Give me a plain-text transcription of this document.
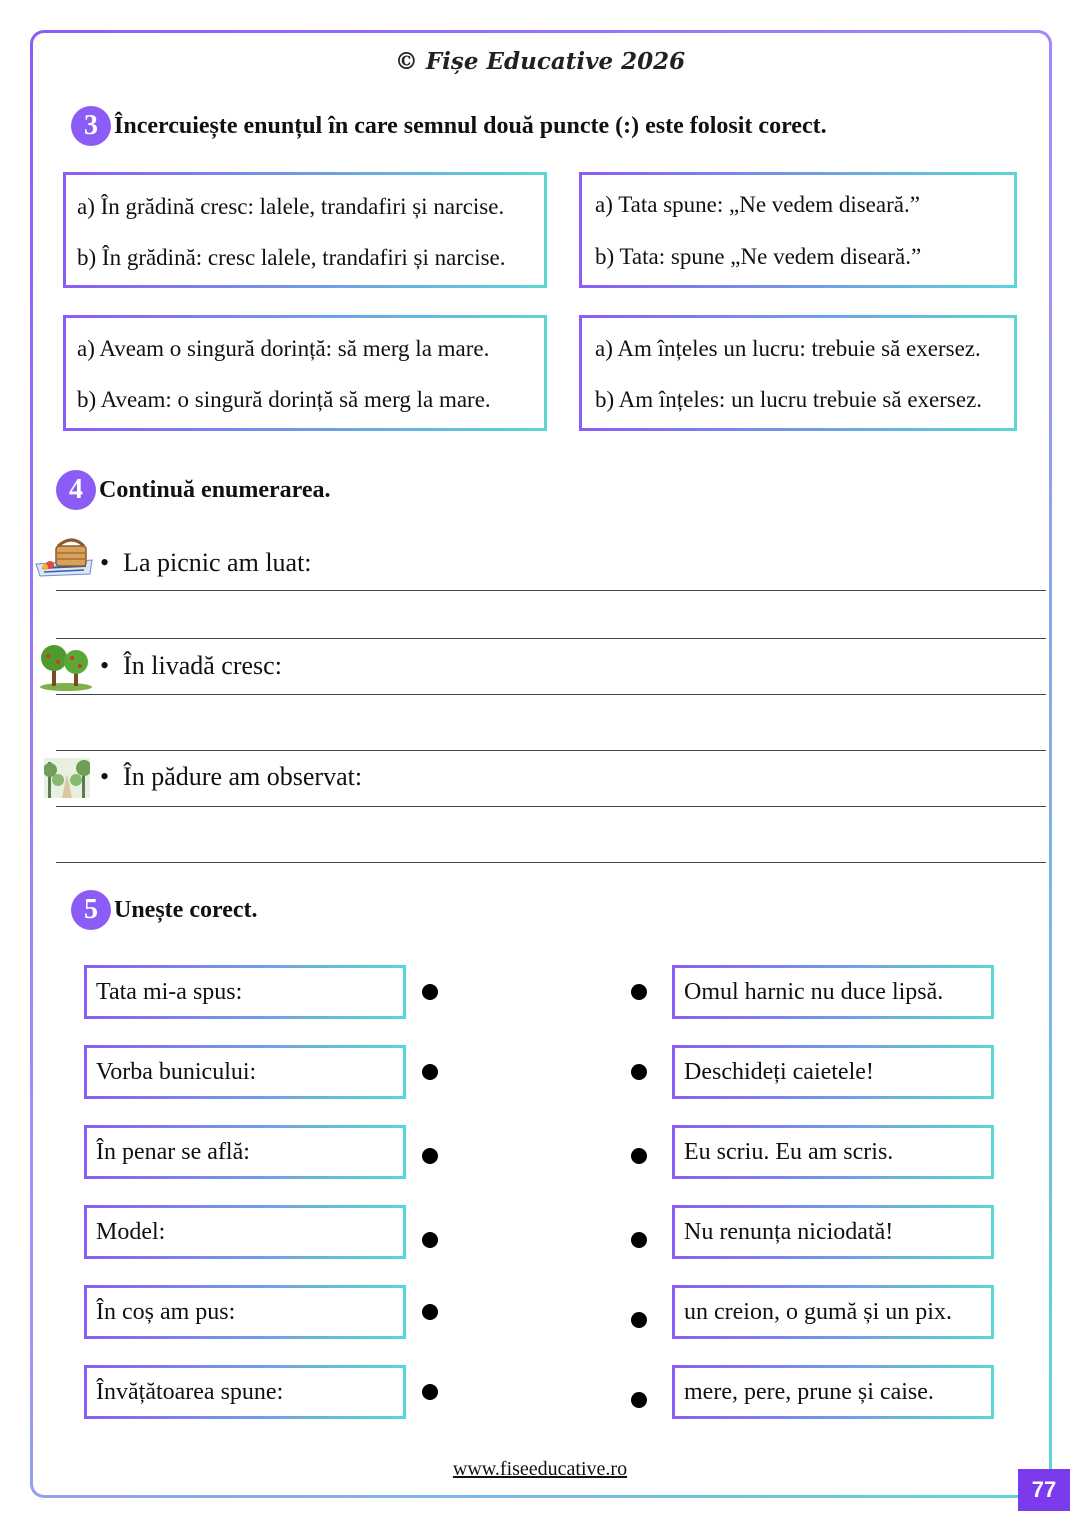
© Fișe Educative 2026
3 Încercuiește enunțul în care semnul două puncte (:) este folosit corect.
a) În grădină cresc: lalele, trandafiri și narcise.
b) În grădină: cresc lalele, trandafiri și narcise.
a) Tata spune: „Ne vedem diseară.”
b) Tata: spune „Ne vedem diseară.”
a) Aveam o singură dorință: să merg la mare.
b) Aveam: o singură dorință să merg la mare.
a) Am înțeles un lucru: trebuie să exersez.
b) Am înțeles: un lucru trebuie să exersez.
4 Continuă enumerarea.
• La picnic am luat:
• În livadă cresc:
• În pădure am observat:
5 Unește corect.
Tata mi-a spus:
Vorba bunicului:
În penar se află:
Model:
În coș am pus:
Învățătoarea spune:
Omul harnic nu duce lipsă.
Deschideți caietele!
Eu scriu. Eu am scris.
Nu renunța niciodată!
un creion, o gumă și un pix.
mere, pere, prune și caise.
www.fiseeducative.ro
77
